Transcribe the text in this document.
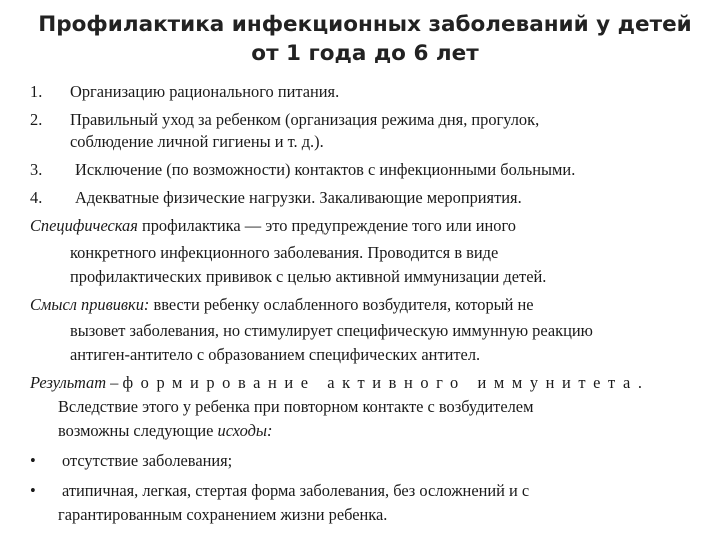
Профилактика инфекционных заболеваний у детей
от 1 года до 6 лет
1. Организацию рационального питания.
2. Правильный уход за ребенком (организация режима дня, прогулок,
соблюдение личной гигиены и т. д.).
3. Исключение (по возможности) контактов с инфекционными больными.
4. Адекватные физические нагрузки. Закаливающие мероприятия.
Специфическая профилактика — это предупреждение того или иного
конкретного инфекционного заболевания. Проводится в виде
профилактических прививок с целью активной иммунизации детей.
Смысл прививки: ввести ребенку ослабленного возбудителя, который не
вызовет заболевания, но стимулирует специфическую иммунную реакцию
антиген-антитело с образованием специфических антител.
Результат – формирование активного иммунитета.
Вследствие этого у ребенка при повторном контакте с возбудителем
возможны следующие исходы:
• отсутствие заболевания;
• атипичная, легкая, стертая форма заболевания, без осложнений и с
гарантированным сохранением жизни ребенка.
